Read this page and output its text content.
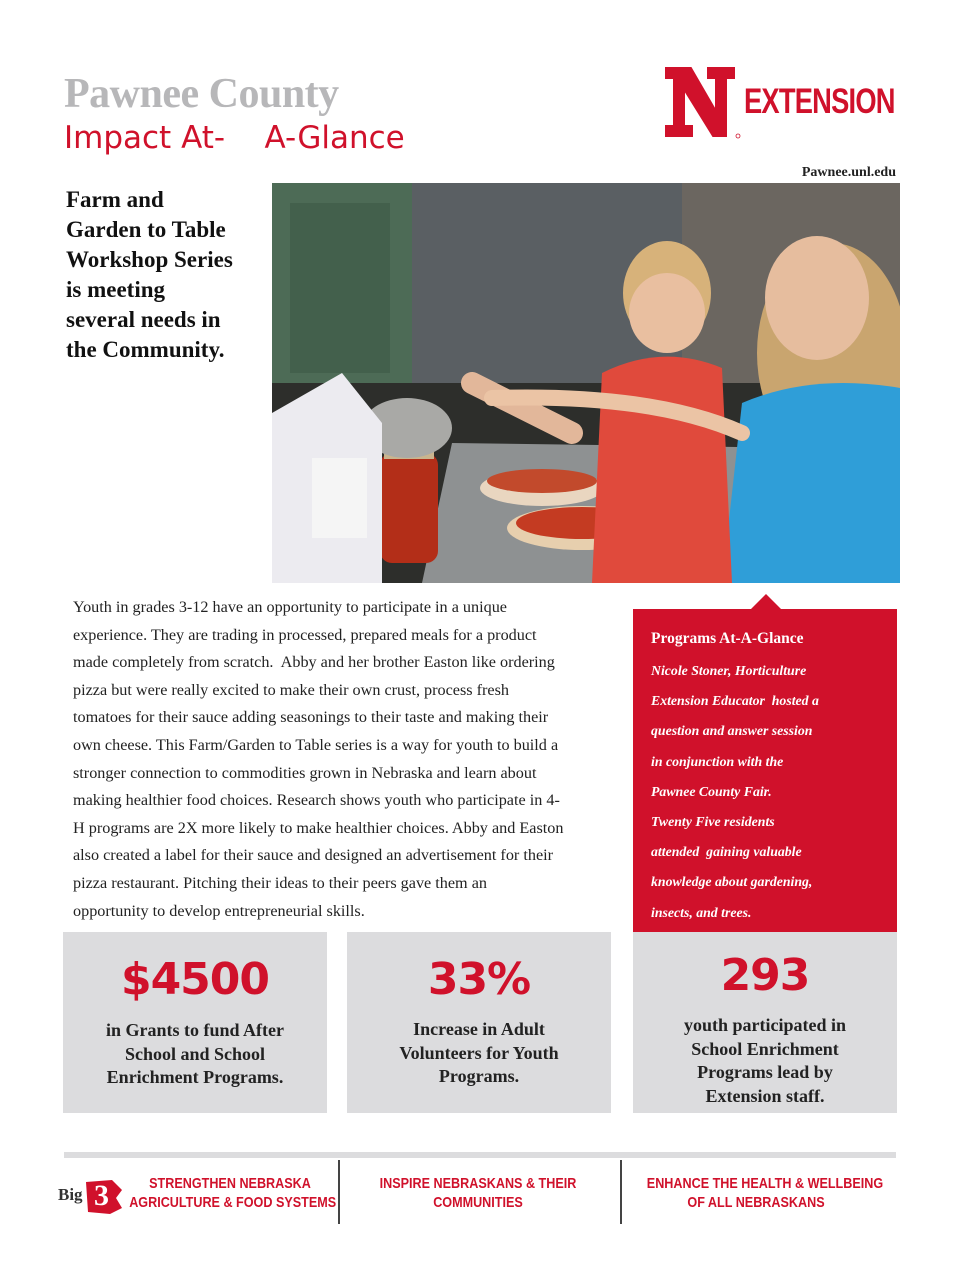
Pawnee County
Impact At-    A-Glance
EXTENSION
Pawnee.unl.edu
Farm and
Garden to Table
Workshop Series
is meeting
several needs in
the Community.
Youth in grades 3-12 have an opportunity to participate in a unique
experience. They are trading in processed, prepared meals for a product
made completely from scratch.  Abby and her brother Easton like ordering
pizza but were really excited to make their own crust, process fresh
tomatoes for their sauce adding seasonings to their taste and making their
own cheese. This Farm/Garden to Table series is a way for youth to build a
stronger connection to commodities grown in Nebraska and learn about
making healthier food choices. Research shows youth who participate in 4-
H programs are 2X more likely to make healthier choices. Abby and Easton
also created a label for their sauce and designed an advertisement for their
pizza restaurant. Pitching their ideas to their peers gave them an
opportunity to develop entrepreneurial skills.
Programs At-A-Glance
Nicole Stoner, Horticulture
Extension Educator  hosted a
question and answer session
in conjunction with the
Pawnee County Fair.
Twenty Five residents
attended  gaining valuable
knowledge about gardening,
insects, and trees.
$4500
in Grants to fund After
School and School
Enrichment Programs.
33%
Increase in Adult
Volunteers for Youth
Programs.
293
youth participated in
School Enrichment
Programs lead by
Extension staff.
Big 3	STRENGTHEN NEBRASKA
AGRICULTURE & FOOD SYSTEMS
INSPIRE NEBRASKANS & THEIR
COMMUNITIES
ENHANCE THE HEALTH & WELLBEING
OF ALL NEBRASKANS
